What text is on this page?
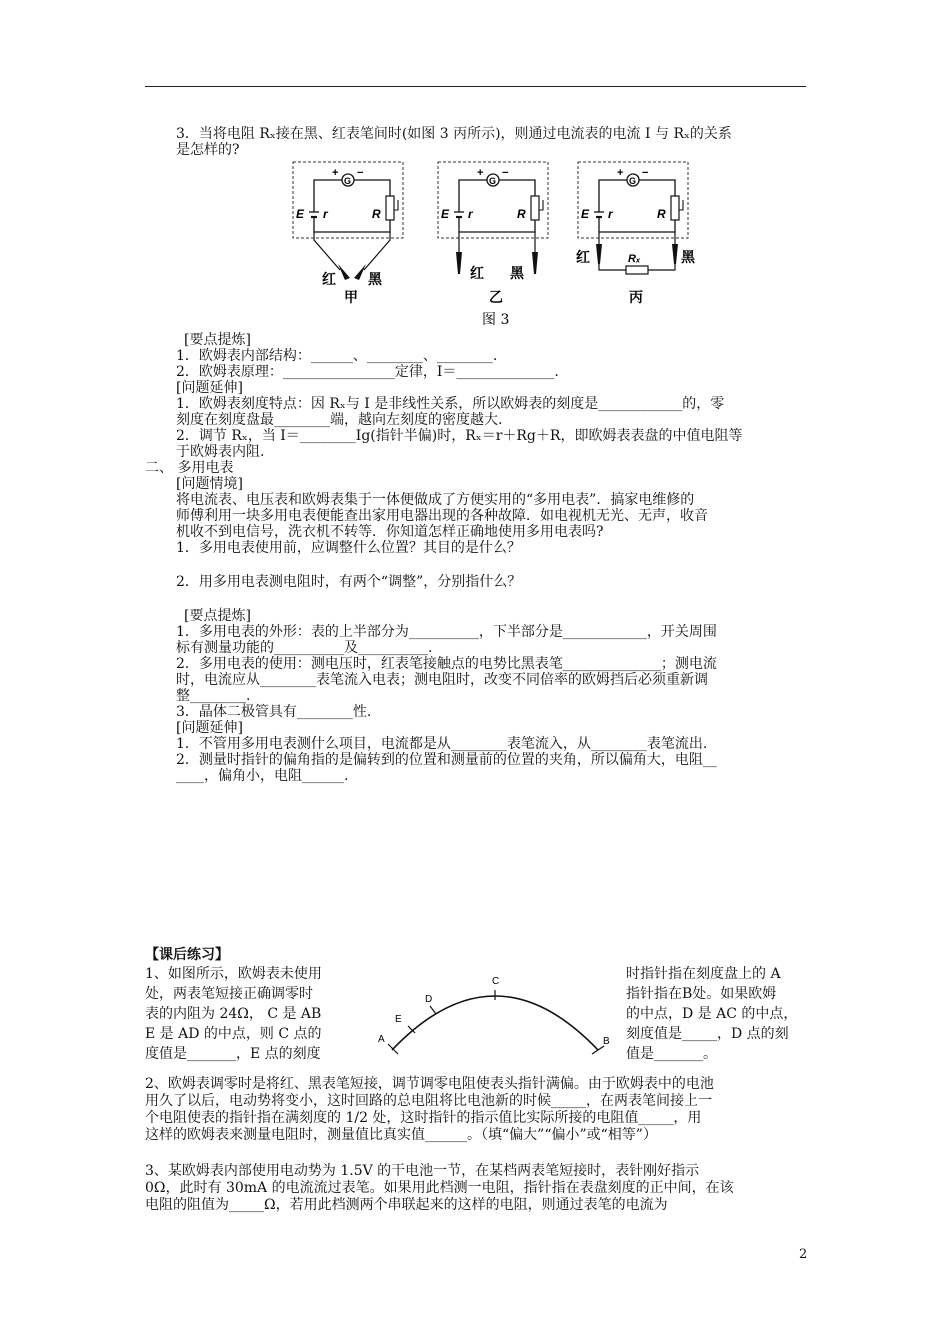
3．当将电阻 Rₓ接在黑、红表笔间时(如图 3 丙所示)，则通过电流表的电流 I 与 Rₓ的关系
是怎样的?
G
+ −
E r	R
红 黑
甲
G
+ −
E r	R
红 黑
乙
G
+ −
E r	R
Rₓ
红	黑
丙
图 3
[要点提炼]
1．欧姆表内部结构：______、________、________.
2．欧姆表原理：________________定律，I＝______________.
[问题延伸]
1．欧姆表刻度特点：因 Rₓ与 I 是非线性关系，所以欧姆表的刻度是____________的，零
刻度在刻度盘最________端，越向左刻度的密度越大.
2．调节 Rₓ，当 I＝________Ig(指针半偏)时，Rₓ＝r＋Rg＋R，即欧姆表表盘的中值电阻等
于欧姆表内阻.
二、 多用电表
[问题情境]
将电流表、电压表和欧姆表集于一体便做成了方便实用的“多用电表”．搞家电维修的
师傅利用一块多用电表便能查出家用电器出现的各种故障．如电视机无光、无声，收音
机收不到电信号，洗衣机不转等．你知道怎样正确地使用多用电表吗?
1．多用电表使用前，应调整什么位置？其目的是什么？
2．用多用电表测电阻时，有两个“调整”，分别指什么？
[要点提炼]
1．多用电表的外形：表的上半部分为__________，下半部分是____________，开关周围
标有测量功能的__________及__________.
2．多用电表的使用：测电压时，红表笔接触点的电势比黑表笔______________；测电流
时，电流应从________表笔流入电表；测电阻时，改变不同倍率的欧姆挡后必须重新调
整________.
3．晶体二极管具有________性.
[问题延伸]
1．不管用多用电表测什么项目，电流都是从________表笔流入，从________表笔流出.
2．测量时指针的偏角指的是偏转到的位置和测量前的位置的夹角，所以偏角大，电阻__
____，偏角小，电阻______.
【课后练习】
1、如图所示，欧姆表未使用
处，两表笔短接正确调零时
表的内阻为 24Ω， C 是 AB
E 是 AD 的中点，则 C 点的
度值是_______，E 点的刻度
A	B
C
D
E
时指针指在刻度盘上的 A
指针指在B处。如果欧姆
的中点，D 是 AC 的中点，
刻度值是_____，D 点的刻
值是_______。
2、欧姆表调零时是将红、黑表笔短接，调节调零电阻使表头指针满偏。由于欧姆表中的电池
用久了以后，电动势将变小，这时回路的总电阻将比电池新的时候_____，在两表笔间接上一
个电阻使表的指针指在满刻度的 1/2 处，这时指针的指示值比实际所接的电阻值_____，用
这样的欧姆表来测量电阻时，测量值比真实值______。（填“偏大”“偏小”或“相等”）
3、某欧姆表内部使用电动势为 1.5V 的干电池一节，在某档两表笔短接时，表针刚好指示
0Ω，此时有 30mA 的电流流过表笔。如果用此档测一电阻，指针指在表盘刻度的正中间，在该
电阻的阻值为_____Ω，若用此档测两个串联起来的这样的电阻，则通过表笔的电流为
2
